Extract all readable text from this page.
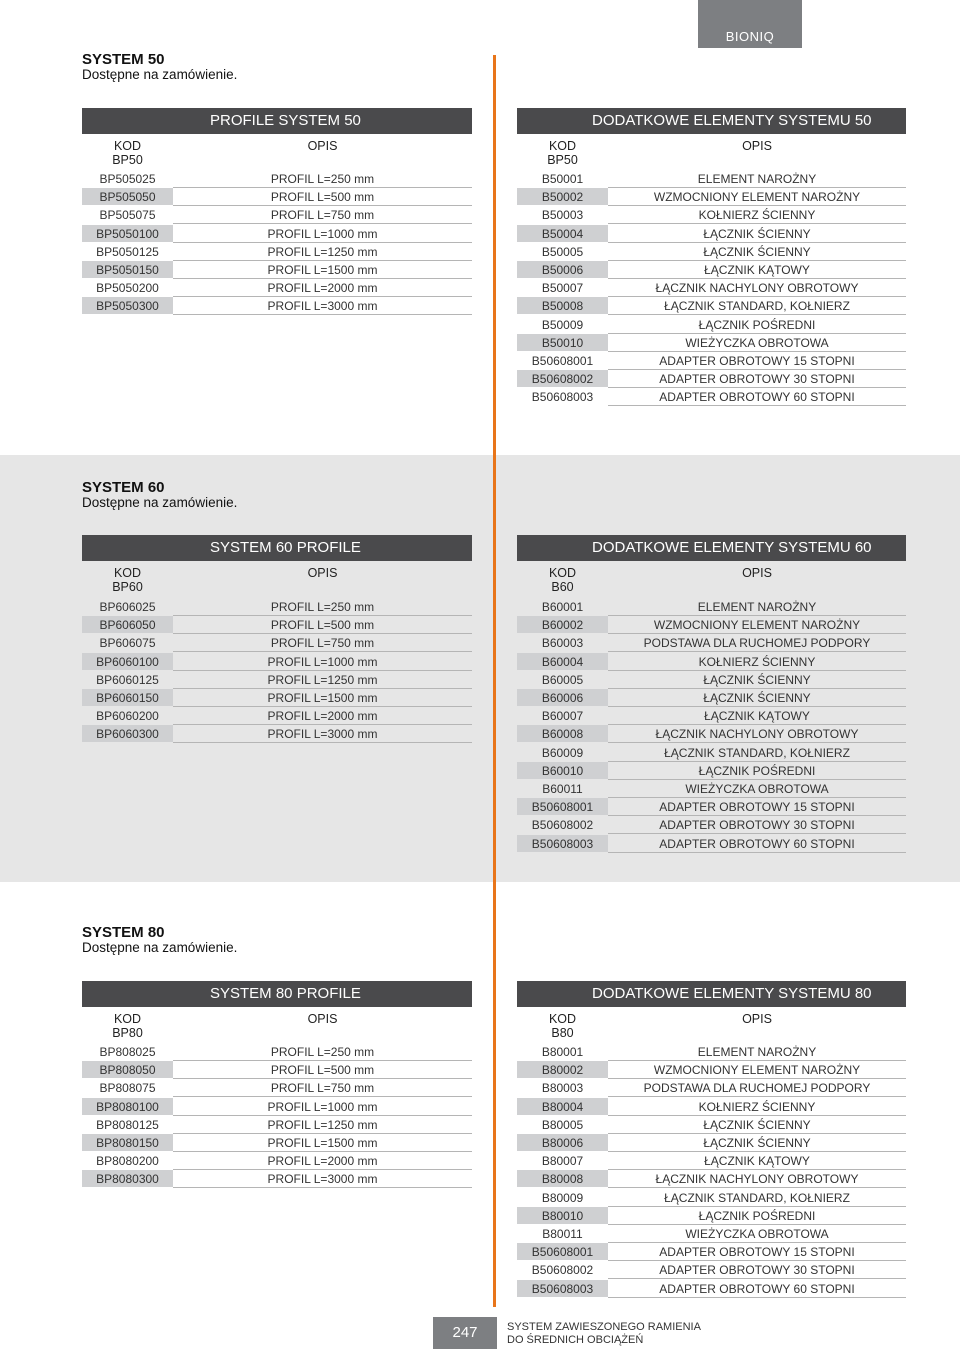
BIONIQ
SYSTEM 50
Dostępne na zamówienie.
SYSTEM 60
Dostępne na zamówienie.
SYSTEM 80
Dostępne na zamówienie.
PROFILE SYSTEM 50
KOD
BP50
OPIS
BP505025	PROFIL L=250 mm
BP505050	PROFIL L=500 mm
BP505075	PROFIL L=750 mm
BP5050100	PROFIL L=1000 mm
BP5050125	PROFIL L=1250 mm
BP5050150	PROFIL L=1500 mm
BP5050200	PROFIL L=2000 mm
BP5050300	PROFIL L=3000 mm
DODATKOWE ELEMENTY SYSTEMU 50
KOD
BP50
OPIS
B50001	ELEMENT NAROŻNY
B50002	WZMOCNIONY ELEMENT NAROŻNY
B50003	KOŁNIERZ ŚCIENNY
B50004	ŁĄCZNIK ŚCIENNY
B50005	ŁĄCZNIK ŚCIENNY
B50006	ŁĄCZNIK KĄTOWY
B50007	ŁĄCZNIK NACHYLONY OBROTOWY
B50008	ŁĄCZNIK STANDARD, KOŁNIERZ
B50009	ŁĄCZNIK POŚREDNI
B50010	WIEŻYCZKA OBROTOWA
B50608001	ADAPTER OBROTOWY 15 STOPNI
B50608002	ADAPTER OBROTOWY 30 STOPNI
B50608003	ADAPTER OBROTOWY 60 STOPNI
SYSTEM 60 PROFILE
KOD
BP60
OPIS
BP606025	PROFIL L=250 mm
BP606050	PROFIL L=500 mm
BP606075	PROFIL L=750 mm
BP6060100	PROFIL L=1000 mm
BP6060125	PROFIL L=1250 mm
BP6060150	PROFIL L=1500 mm
BP6060200	PROFIL L=2000 mm
BP6060300	PROFIL L=3000 mm
DODATKOWE ELEMENTY SYSTEMU 60
KOD
B60
OPIS
B60001	ELEMENT NAROŻNY
B60002	WZMOCNIONY ELEMENT NAROŻNY
B60003	PODSTAWA DLA RUCHOMEJ PODPORY
B60004	KOŁNIERZ ŚCIENNY
B60005	ŁĄCZNIK ŚCIENNY
B60006	ŁĄCZNIK ŚCIENNY
B60007	ŁĄCZNIK KĄTOWY
B60008	ŁĄCZNIK NACHYLONY OBROTOWY
B60009	ŁĄCZNIK STANDARD, KOŁNIERZ
B60010	ŁĄCZNIK POŚREDNI
B60011	WIEŻYCZKA OBROTOWA
B50608001	ADAPTER OBROTOWY 15 STOPNI
B50608002	ADAPTER OBROTOWY 30 STOPNI
B50608003	ADAPTER OBROTOWY 60 STOPNI
SYSTEM 80 PROFILE
KOD
BP80
OPIS
BP808025	PROFIL L=250 mm
BP808050	PROFIL L=500 mm
BP808075	PROFIL L=750 mm
BP8080100	PROFIL L=1000 mm
BP8080125	PROFIL L=1250 mm
BP8080150	PROFIL L=1500 mm
BP8080200	PROFIL L=2000 mm
BP8080300	PROFIL L=3000 mm
DODATKOWE ELEMENTY SYSTEMU 80
KOD
B80
OPIS
B80001	ELEMENT NAROŻNY
B80002	WZMOCNIONY ELEMENT NAROŻNY
B80003	PODSTAWA DLA RUCHOMEJ PODPORY
B80004	KOŁNIERZ ŚCIENNY
B80005	ŁĄCZNIK ŚCIENNY
B80006	ŁĄCZNIK ŚCIENNY
B80007	ŁĄCZNIK KĄTOWY
B80008	ŁĄCZNIK NACHYLONY OBROTOWY
B80009	ŁĄCZNIK STANDARD, KOŁNIERZ
B80010	ŁĄCZNIK POŚREDNI
B80011	WIEŻYCZKA OBROTOWA
B50608001	ADAPTER OBROTOWY 15 STOPNI
B50608002	ADAPTER OBROTOWY 30 STOPNI
B50608003	ADAPTER OBROTOWY 60 STOPNI
247	SYSTEM ZAWIESZONEGO RAMIENIA
DO ŚREDNICH OBCIĄŻEŃ
